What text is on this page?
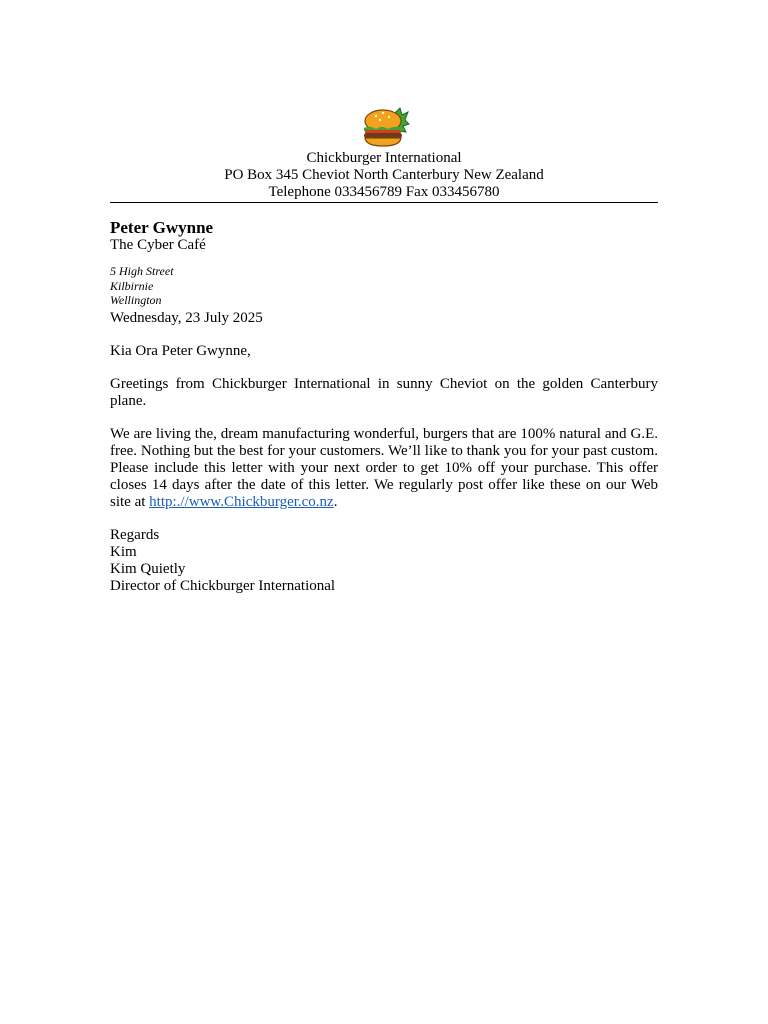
Chickburger International
PO Box 345 Cheviot North Canterbury New Zealand
Telephone 033456789 Fax 033456780
Peter Gwynne
The Cyber Café
5 High Street
Kilbirnie
Wellington
Wednesday, 23 July 2025

Kia Ora Peter Gwynne,

Greetings from Chickburger International in sunny Cheviot on the golden Canterbury plane.

We are living the, dream manufacturing wonderful, burgers that are 100% natural and G.E. free. Nothing but the best for your customers. We’ll like to thank you for your past custom. Please include this letter with your next order to get 10% off your purchase. This offer closes 14 days after the date of this letter. We regularly post offer like these on our Web site at http:.//www.Chickburger.co.nz.

Regards
Kim
Kim Quietly
Director of Chickburger International
